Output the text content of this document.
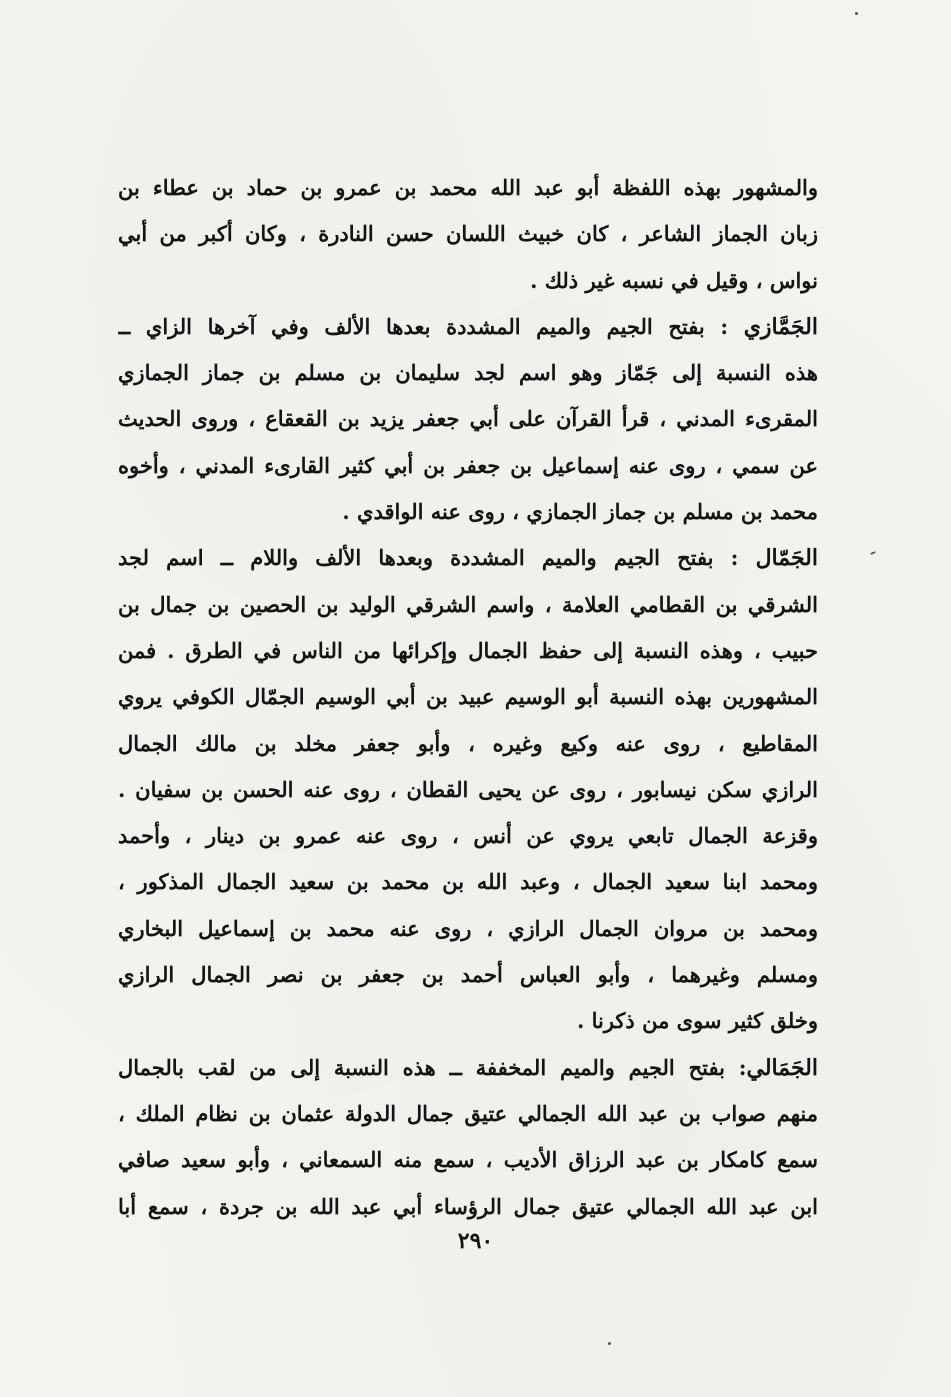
والمشهور بهذه اللفظة أبو عبد الله محمد بن عمرو بن حماد بن عطاء بن
زبان الجماز الشاعر ، كان خبيث اللسان حسن النادرة ، وكان أكبر من أبي
نواس ، وقيل في نسبه غير ذلك .
الجَمَّازي : بفتح الجيم والميم المشددة بعدها الألف وفي آخرها الزاي ــ
هذه النسبة إلى جَمّاز وهو اسم لجد سليمان بن مسلم بن جماز الجمازي
المقرىء المدني ، قرأ القرآن على أبي جعفر يزيد بن القعقاع ، وروى الحديث
عن سمي ، روى عنه إسماعيل بن جعفر بن أبي كثير القارىء المدني ، وأخوه
محمد بن مسلم بن جماز الجمازي ، روى عنه الواقدي .
الجَمّال : بفتح الجيم والميم المشددة وبعدها الألف واللام ــ اسم لجد
الشرقي بن القطامي العلامة ، واسم الشرقي الوليد بن الحصين بن جمال بن
حبيب ، وهذه النسبة إلى حفظ الجمال وإكرائها من الناس في الطرق . فمن
المشهورين بهذه النسبة أبو الوسيم عبيد بن أبي الوسيم الجمّال الكوفي يروي
المقاطيع ، روى عنه وكيع وغيره ، وأبو جعفر مخلد بن مالك الجمال
الرازي سكن نيسابور ، روى عن يحيى القطان ، روى عنه الحسن بن سفيان .
وقزعة الجمال تابعي يروي عن أنس ، روى عنه عمرو بن دينار ، وأحمد
ومحمد ابنا سعيد الجمال ، وعبد الله بن محمد بن سعيد الجمال المذكور ،
ومحمد بن مروان الجمال الرازي ، روى عنه محمد بن إسماعيل البخاري
ومسلم وغيرهما ، وأبو العباس أحمد بن جعفر بن نصر الجمال الرازي
وخلق كثير سوى من ذكرنا .
الجَمَالي: بفتح الجيم والميم المخففة ــ هذه النسبة إلى من لقب بالجمال
منهم صواب بن عبد الله الجمالي عتيق جمال الدولة عثمان بن نظام الملك ،
سمع كامكار بن عبد الرزاق الأديب ، سمع منه السمعاني ، وأبو سعيد صافي
ابن عبد الله الجمالي عتيق جمال الرؤساء أبي عبد الله بن جردة ، سمع أبا
٢٩٠
